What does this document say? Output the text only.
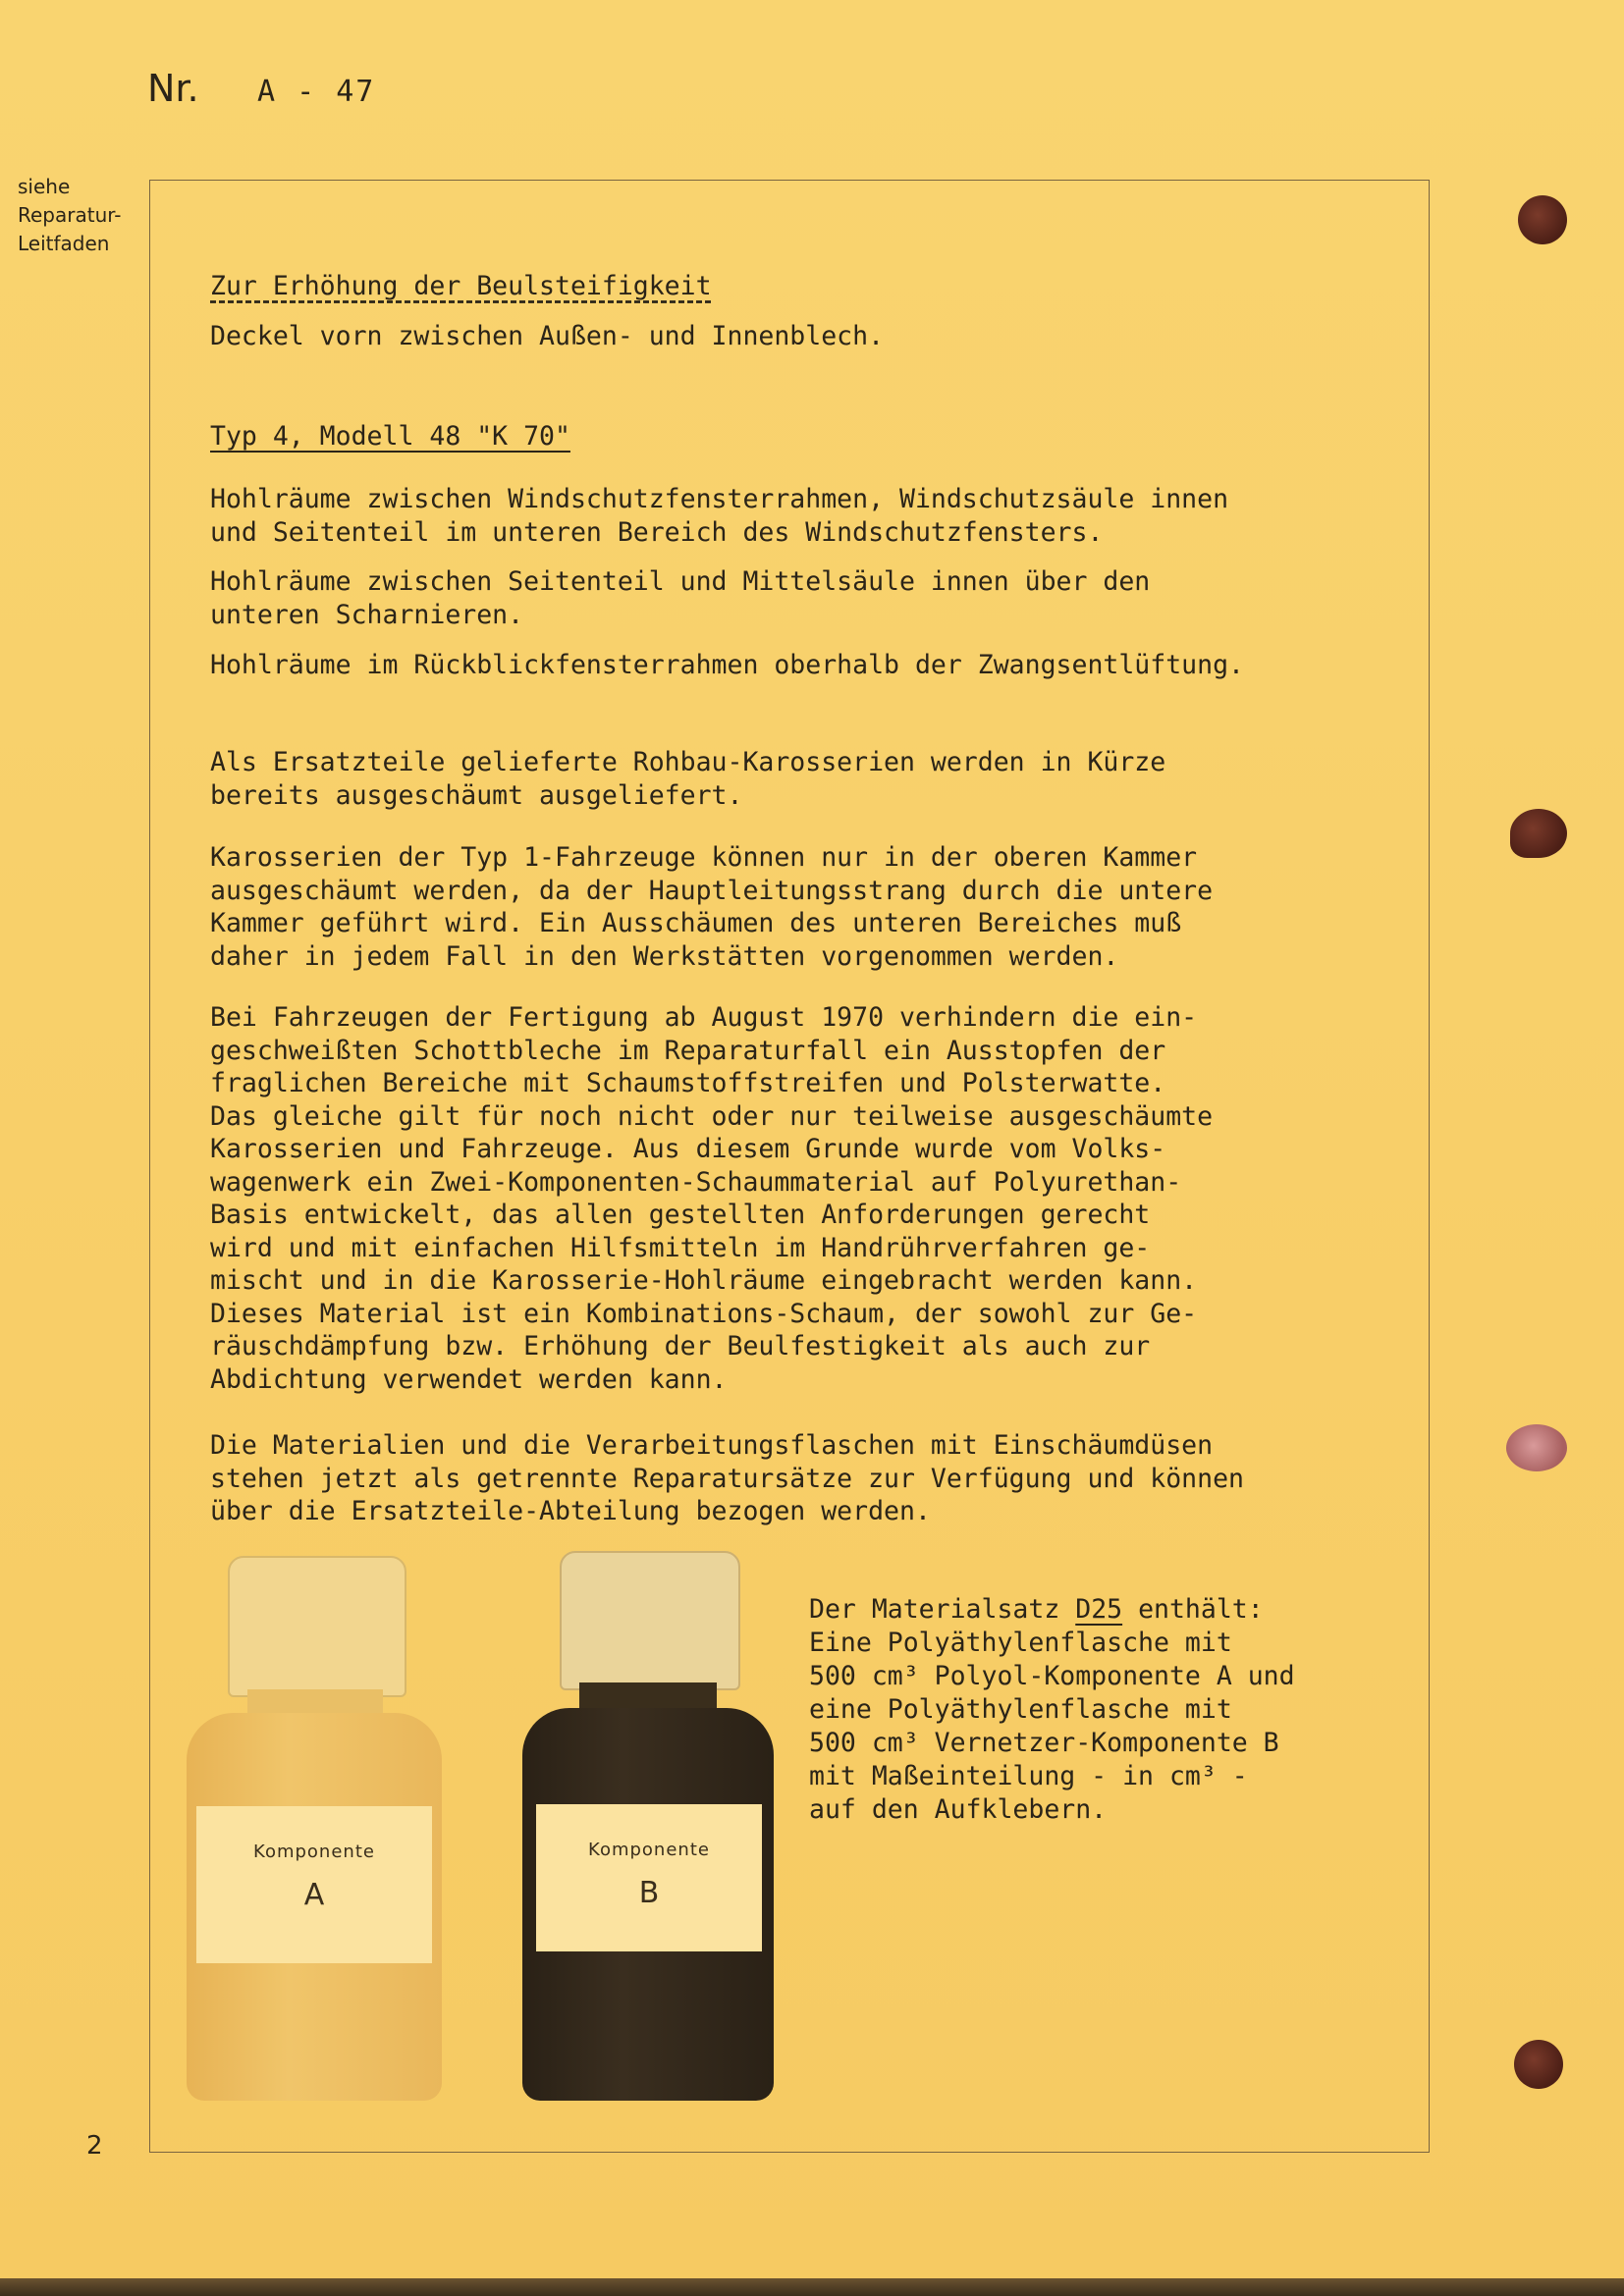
Nr. A - 47
siehe
Reparatur-
Leitfaden
Zur Erhöhung der Beulsteifigkeit
Deckel vorn zwischen Außen- und Innenblech.
Typ 4, Modell 48 "K 70"
Hohlräume zwischen Windschutzfensterrahmen, Windschutzsäule innen
und Seitenteil im unteren Bereich des Windschutzfensters.
Hohlräume zwischen Seitenteil und Mittelsäule innen über den
unteren Scharnieren.
Hohlräume im Rückblickfensterrahmen oberhalb der Zwangsentlüftung.
Als Ersatzteile gelieferte Rohbau-Karosserien werden in Kürze
bereits ausgeschäumt ausgeliefert.
Karosserien der Typ 1-Fahrzeuge können nur in der oberen Kammer
ausgeschäumt werden, da der Hauptleitungsstrang durch die untere
Kammer geführt wird. Ein Ausschäumen des unteren Bereiches muß
daher in jedem Fall in den Werkstätten vorgenommen werden.
Bei Fahrzeugen der Fertigung ab August 1970 verhindern die ein-
geschweißten Schottbleche im Reparaturfall ein Ausstopfen der
fraglichen Bereiche mit Schaumstoffstreifen und Polsterwatte.
Das gleiche gilt für noch nicht oder nur teilweise ausgeschäumte
Karosserien und Fahrzeuge. Aus diesem Grunde wurde vom Volks-
wagenwerk ein Zwei-Komponenten-Schaummaterial auf Polyurethan-
Basis entwickelt, das allen gestellten Anforderungen gerecht
wird und mit einfachen Hilfsmitteln im Handrührverfahren ge-
mischt und in die Karosserie-Hohlräume eingebracht werden kann.
Dieses Material ist ein Kombinations-Schaum, der sowohl zur Ge-
räuschdämpfung bzw. Erhöhung der Beulfestigkeit als auch zur
Abdichtung verwendet werden kann.
Die Materialien und die Verarbeitungsflaschen mit Einschäumdüsen
stehen jetzt als getrennte Reparatursätze zur Verfügung und können
über die Ersatzteile-Abteilung bezogen werden.
Komponente
A
Komponente
B
Der Materialsatz D25 enthält:
Eine Polyäthylenflasche mit
500 cm³ Polyol-Komponente A und
eine Polyäthylenflasche mit
500 cm³ Vernetzer-Komponente B
mit Maßeinteilung - in cm³ -
auf den Aufklebern.
2
